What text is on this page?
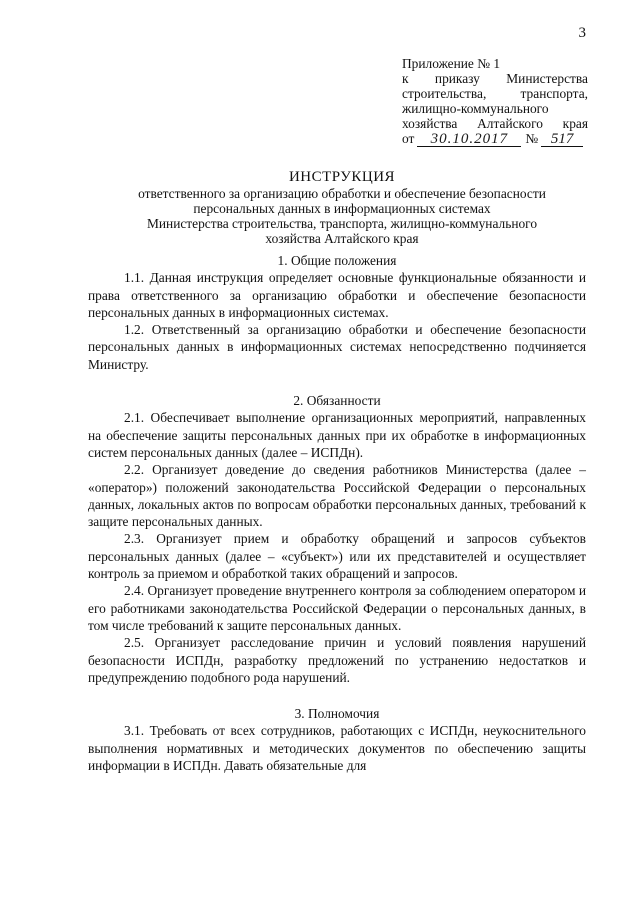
3
Приложение № 1
к приказу Министерства
строительства, транспорта,
жилищно-коммунального
хозяйства Алтайского края
от	30.10.2017	№ 517
ИНСТРУКЦИЯ
ответственного за организацию обработки и обеспечение безопасности
персональных данных в информационных системах
Министерства строительства, транспорта, жилищно-коммунального
хозяйства Алтайского края

1. Общие положения

1.1. Данная инструкция определяет основные функциональные обязанности и права ответственного за организацию обработки и обеспечение безопасности персональных данных в информационных системах.

1.2. Ответственный за организацию обработки и обеспечение безопасности персональных данных в информационных системах непосредственно подчиняется Министру.

2. Обязанности

2.1. Обеспечивает выполнение организационных мероприятий, направленных на обеспечение защиты персональных данных при их обработке в информационных систем персональных данных (далее – ИСПДн).

2.2. Организует доведение до сведения работников Министерства (далее – «оператор») положений законодательства Российской Федерации о персональных данных, локальных актов по вопросам обработки персональных данных, требований к защите персональных данных.

2.3. Организует прием и обработку обращений и запросов субъектов персональных данных (далее – «субъект») или их представителей и осуществляет контроль за приемом и обработкой таких обращений и запросов.

2.4. Организует проведение внутреннего контроля за соблюдением оператором и его работниками законодательства Российской Федерации о персональных данных, в том числе требований к защите персональных данных.

2.5. Организует расследование причин и условий появления нарушений безопасности ИСПДн, разработку предложений по устранению недостатков и предупреждению подобного рода нарушений.

3. Полномочия

3.1. Требовать от всех сотрудников, работающих с ИСПДн, неукоснительного выполнения нормативных и методических документов по обеспечению защиты информации в ИСПДн. Давать обязательные для
